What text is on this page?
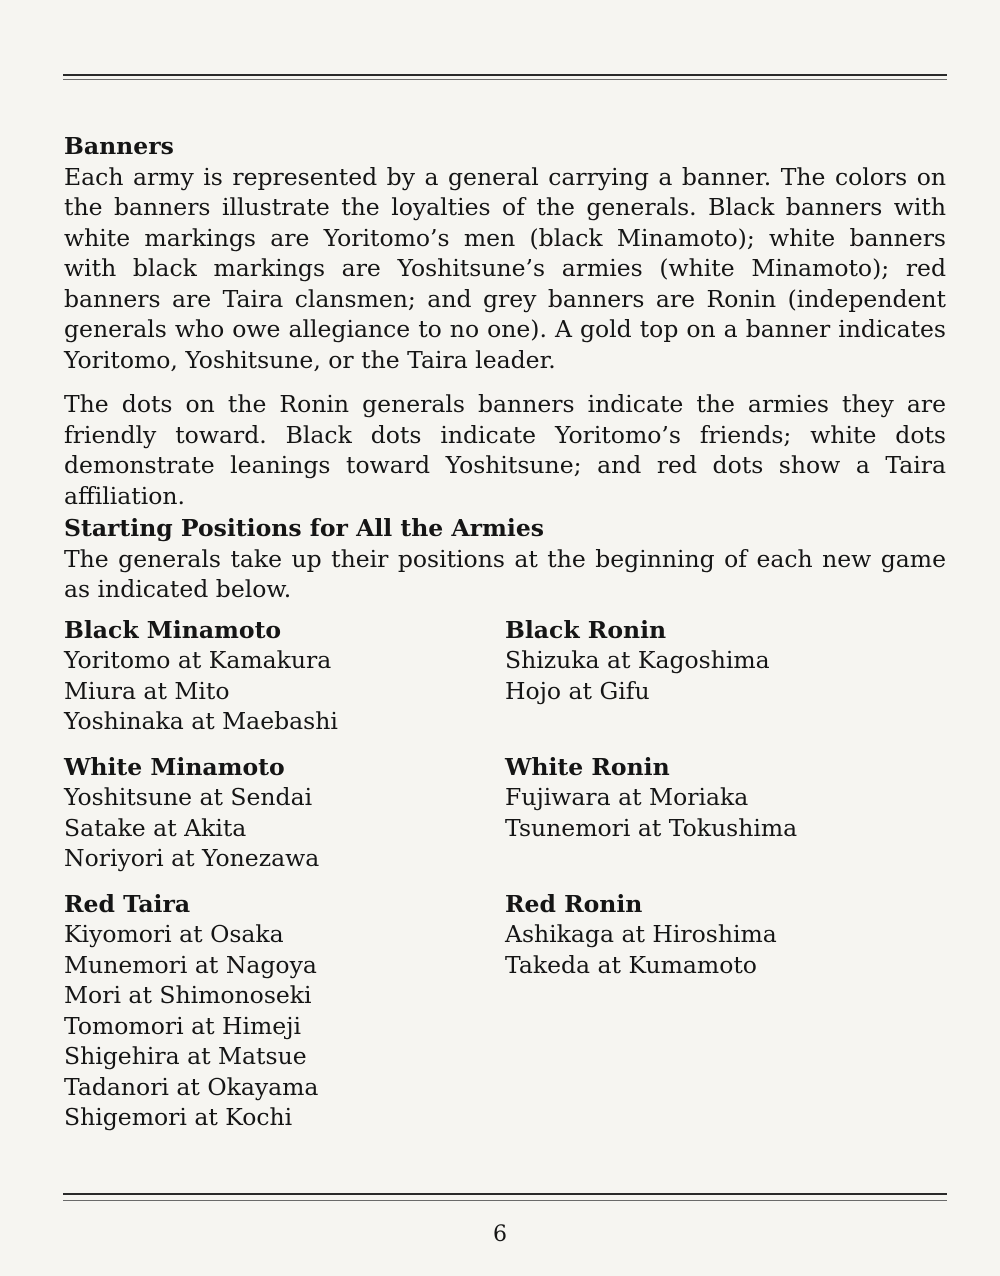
Banners

Each army is represented by a general carrying a banner. The colors on the banners illustrate the loyalties of the generals. Black banners with white markings are Yoritomo’s men (black Minamoto); white banners with black markings are Yoshitsune’s armies (white Minamoto); red banners are Taira clansmen; and grey banners are Ronin (independent generals who owe allegiance to no one). A gold top on a banner indicates Yoritomo, Yoshitsune, or the Taira leader.

The dots on the Ronin generals banners indicate the armies they are friendly toward. Black dots indicate Yoritomo’s friends; white dots demonstrate leanings toward Yoshitsune; and red dots show a Taira affiliation.

Starting Positions for All the Armies

The generals take up their positions at the beginning of each new game as indicated below.

Black Minamoto
Yoritomo at Kamakura
Miura at Mito
Yoshinaka at Maebashi
White Minamoto
Yoshitsune at Sendai
Satake at Akita
Noriyori at Yonezawa
Red Taira
Kiyomori at Osaka
Munemori at Nagoya
Mori at Shimonoseki
Tomomori at Himeji
Shigehira at Matsue
Tadanori at Okayama
Shigemori at Kochi
Black Ronin
Shizuka at Kagoshima
Hojo at Gifu
White Ronin
Fujiwara at Moriaka
Tsunemori at Tokushima
Red Ronin
Ashikaga at Hiroshima
Takeda at Kumamoto
6
